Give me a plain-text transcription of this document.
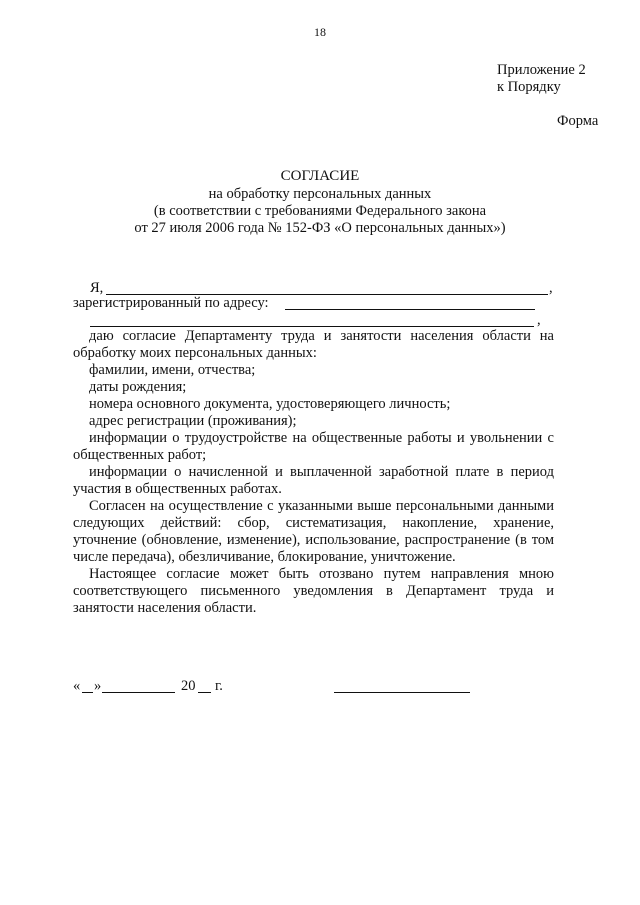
18
Приложение 2
к Порядку
Форма
СОГЛАСИЕ
на обработку персональных данных
(в соответствии с требованиями Федерального закона
от 27 июля 2006 года № 152-ФЗ «О персональных данных»)
Я,	,
зарегистрированный по адресу:
,

даю согласие Департаменту труда и занятости населения области на обработку моих персональных данных:

фамилии, имени, отчества;

даты рождения;

номера основного документа, удостоверяющего личность;

адрес регистрации (проживания);

информации о трудоустройстве на общественные работы и увольнении с общественных работ;

информации о начисленной и выплаченной заработной плате в период участия в общественных работах.

Согласен на осуществление с указанными выше персональными данными следующих действий: сбор, систематизация, накопление, хранение, уточнение (обновление, изменение), использование, распространение (в том числе передача), обезличивание, блокирование, уничтожение.

Настоящее согласие может быть отозвано путем направления мною соответствующего письменного уведомления в Департамент труда и занятости населения области.

« »	20 г.
